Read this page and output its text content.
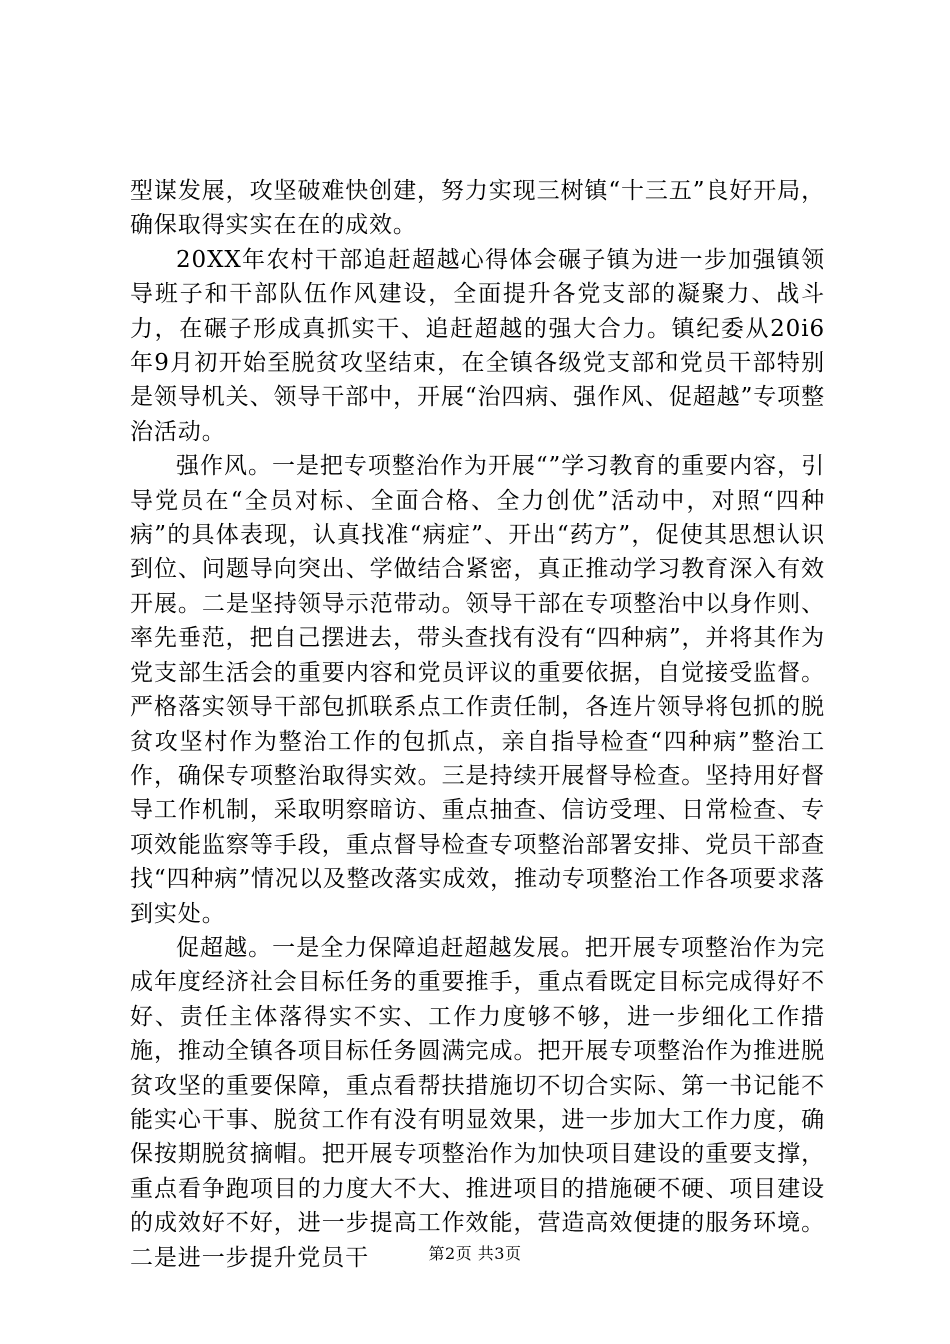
型谋发展，攻坚破难快创建，努力实现三树镇“十三五”良好开局，确保取得实实在在的成效。

20XX年农村干部追赶超越心得体会碾子镇为进一步加强镇领导班子和干部队伍作风建设，全面提升各党支部的凝聚力、战斗力，在碾子形成真抓实干、追赶超越的强大合力。镇纪委从20i6年9月初开始至脱贫攻坚结束，在全镇各级党支部和党员干部特别是领导机关、领导干部中，开展“治四病、强作风、促超越”专项整治活动。

强作风。一是把专项整治作为开展“”学习教育的重要内容，引导党员在“全员对标、全面合格、全力创优”活动中，对照“四种病”的具体表现，认真找准“病症”、开出“药方”，促使其思想认识到位、问题导向突出、学做结合紧密，真正推动学习教育深入有效开展。二是坚持领导示范带动。领导干部在专项整治中以身作则、率先垂范，把自己摆进去，带头查找有没有“四种病”，并将其作为党支部生活会的重要内容和党员评议的重要依据，自觉接受监督。严格落实领导干部包抓联系点工作责任制，各连片领导将包抓的脱贫攻坚村作为整治工作的包抓点，亲自指导检查“四种病”整治工作，确保专项整治取得实效。三是持续开展督导检查。坚持用好督导工作机制，采取明察暗访、重点抽查、信访受理、日常检查、专项效能监察等手段，重点督导检查专项整治部署安排、党员干部查找“四种病”情况以及整改落实成效，推动专项整治工作各项要求落到实处。

促超越。一是全力保障追赶超越发展。把开展专项整治作为完成年度经济社会目标任务的重要推手，重点看既定目标完成得好不好、责任主体落得实不实、工作力度够不够，进一步细化工作措施，推动全镇各项目标任务圆满完成。把开展专项整治作为推进脱贫攻坚的重要保障，重点看帮扶措施切不切合实际、第一书记能不能实心干事、脱贫工作有没有明显效果，进一步加大工作力度，确保按期脱贫摘帽。把开展专项整治作为加快项目建设的重要支撑，重点看争跑项目的力度大不大、推进项目的措施硬不硬、项目建设的成效好不好，进一步提高工作效能，营造高效便捷的服务环境。二是进一步提升党员干	第2页 共3页
